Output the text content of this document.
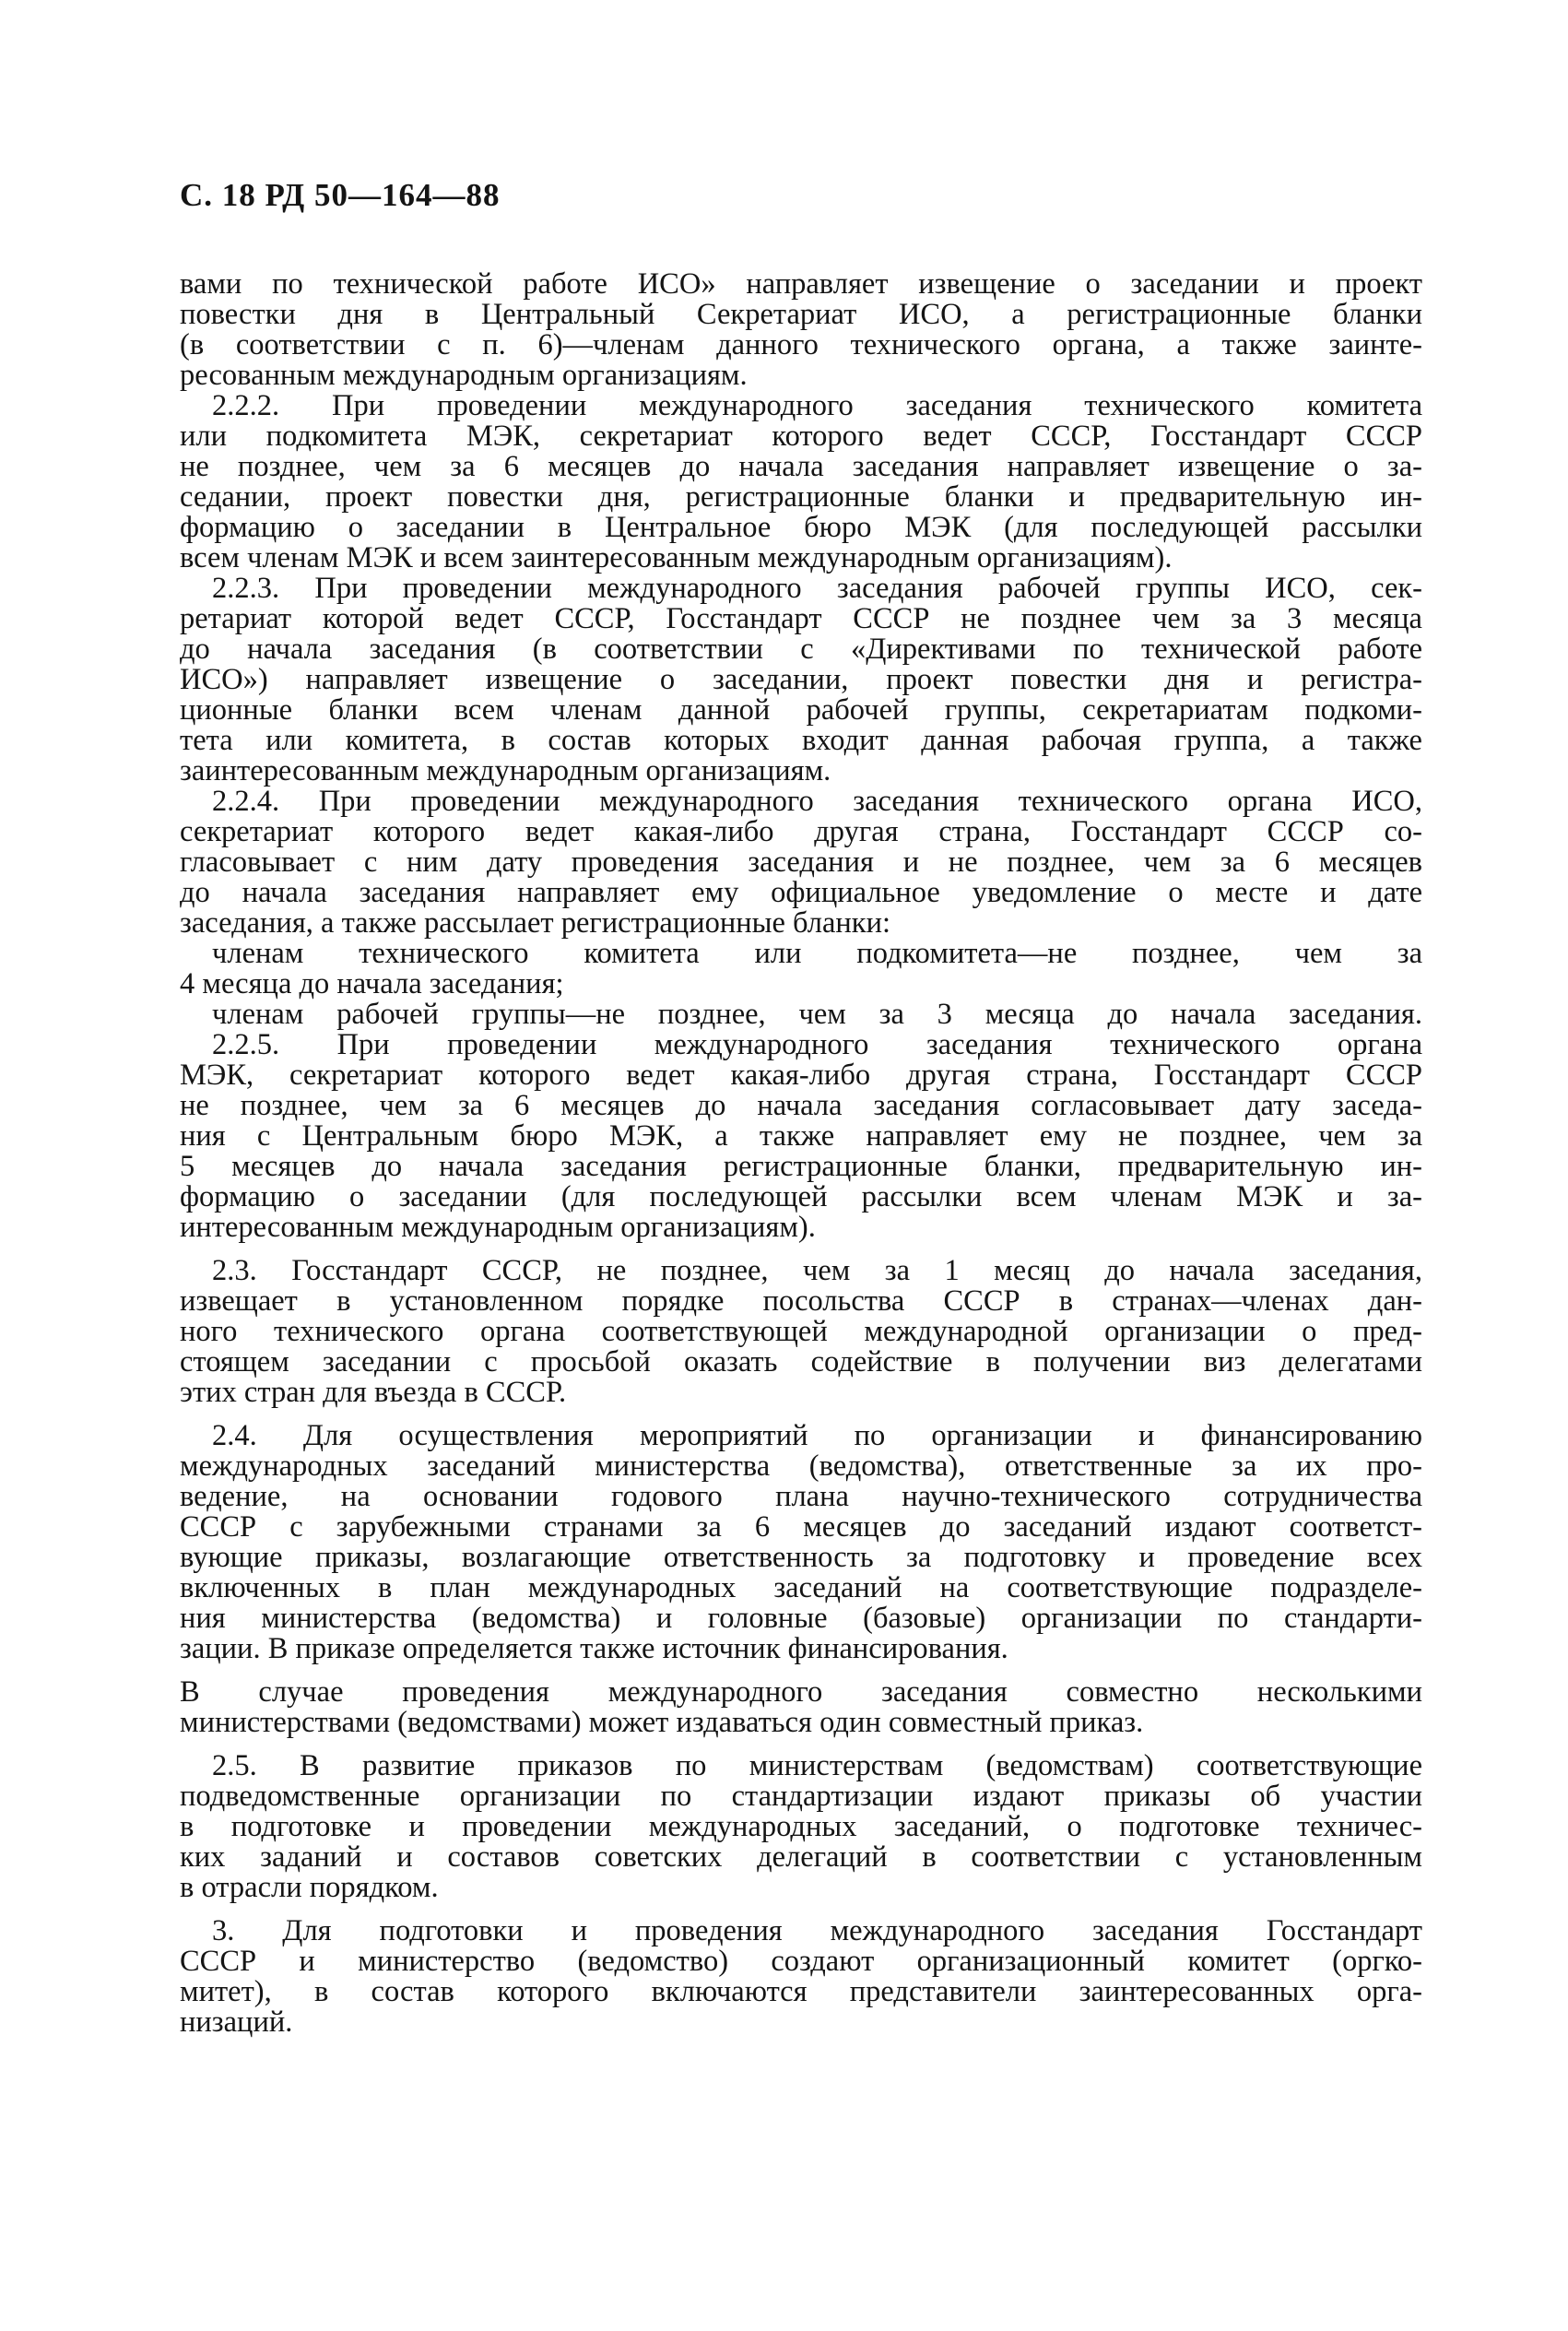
С. 18 РД 50—164—88
вами по технической работе ИСО» направляет извещение о заседании и проект
повестки дня в Центральный Секретариат ИСО, а регистрационные бланки
(в соответствии с п. 6)—членам данного технического органа, а также заинте-
ресованным международным организациям.
2.2.2. При проведении международного заседания технического комитета
или подкомитета МЭК, секретариат которого ведет СССР, Госстандарт СССР
не позднее, чем за 6 месяцев до начала заседания направляет извещение о за-
седании, проект повестки дня, регистрационные бланки и предварительную ин-
формацию о заседании в Центральное бюро МЭК (для последующей рассылки
всем членам МЭК и всем заинтересованным международным организациям).
2.2.3. При проведении международного заседания рабочей группы ИСО, сек-
ретариат которой ведет СССР, Госстандарт СССР не позднее чем за 3 месяца
до начала заседания (в соответствии с «Директивами по технической работе
ИСО») направляет извещение о заседании, проект повестки дня и регистра-
ционные бланки всем членам данной рабочей группы, секретариатам подкоми-
тета или комитета, в состав которых входит данная рабочая группа, а также
заинтересованным международным организациям.
2.2.4. При проведении международного заседания технического органа ИСО,
секретариат которого ведет какая-либо другая страна, Госстандарт СССР со-
гласовывает с ним дату проведения заседания и не позднее, чем за 6 месяцев
до начала заседания направляет ему официальное уведомление о месте и дате
заседания, а также рассылает регистрационные бланки:
членам технического комитета или подкомитета—не позднее, чем за
4 месяца до начала заседания;
членам рабочей группы—не позднее, чем за 3 месяца до начала заседания.
2.2.5. При проведении международного заседания технического органа
МЭК, секретариат которого ведет какая-либо другая страна, Госстандарт СССР
не позднее, чем за 6 месяцев до начала заседания согласовывает дату заседа-
ния с Центральным бюро МЭК, а также направляет ему не позднее, чем за
5 месяцев до начала заседания регистрационные бланки, предварительную ин-
формацию о заседании (для последующей рассылки всем членам МЭК и за-
интересованным международным организациям).
2.3. Госстандарт СССР, не позднее, чем за 1 месяц до начала заседания,
извещает в установленном порядке посольства СССР в странах—членах дан-
ного технического органа соответствующей международной организации о пред-
стоящем заседании с просьбой оказать содействие в получении виз делегатами
этих стран для въезда в СССР.
2.4. Для осуществления мероприятий по организации и финансированию
международных заседаний министерства (ведомства), ответственные за их про-
ведение, на основании годового плана научно-технического сотрудничества
СССР с зарубежными странами за 6 месяцев до заседаний издают соответст-
вующие приказы, возлагающие ответственность за подготовку и проведение всех
включенных в план международных заседаний на соответствующие подразделе-
ния министерства (ведомства) и головные (базовые) организации по стандарти-
зации. В приказе определяется также источник финансирования.
В случае проведения международного заседания совместно несколькими
министерствами (ведомствами) может издаваться один совместный приказ.
2.5. В развитие приказов по министерствам (ведомствам) соответствующие
подведомственные организации по стандартизации издают приказы об участии
в подготовке и проведении международных заседаний, о подготовке техничес-
ких заданий и составов советских делегаций в соответствии с установленным
в отрасли порядком.
3. Для подготовки и проведения международного заседания Госстандарт
СССР и министерство (ведомство) создают организационный комитет (оргко-
митет), в состав которого включаются представители заинтересованных орга-
низаций.
